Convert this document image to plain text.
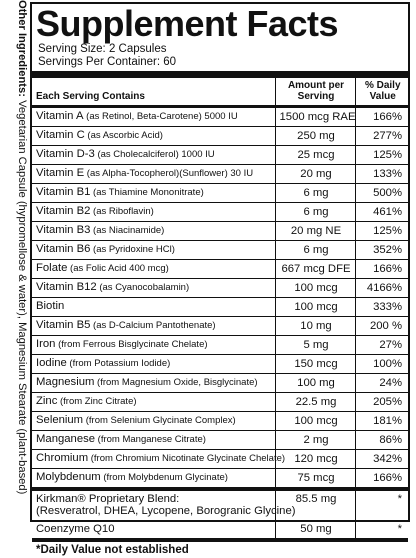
Other Ingredients: Vegetarian Capsule (hypromellose & water), Magnesium Stearate (plant-based)
Supplement Facts
Serving Size: 2 Capsules
Servings Per Container: 60
Each Serving Contains	Amount per Serving	% Daily Value
Vitamin A (as Retinol, Beta-Carotene) 5000 IU	1500 mcg RAE	166%
Vitamin C (as Ascorbic Acid)	250 mg	277%
Vitamin D-3 (as Cholecalciferol) 1000 IU	25 mcg	125%
Vitamin E (as Alpha-Tocopherol)(Sunflower) 30 IU	20 mg	133%
Vitamin B1 (as Thiamine Mononitrate)	6 mg	500%
Vitamin B2 (as Riboflavin)	6 mg	461%
Vitamin B3 (as Niacinamide)	20 mg NE	125%
Vitamin B6 (as Pyridoxine HCl)	6 mg	352%
Folate (as Folic Acid 400 mcg)	667 mcg DFE	166%
Vitamin B12 (as Cyanocobalamin)	100 mcg	4166%
Biotin	100 mcg	333%
Vitamin B5 (as D-Calcium Pantothenate)	10 mg	200 %
Iron (from Ferrous Bisglycinate Chelate)	5 mg	27%
Iodine (from Potassium Iodide)	150 mcg	100%
Magnesium (from Magnesium Oxide, Bisglycinate)	100 mg	24%
Zinc (from Zinc Citrate)	22.5 mg	205%
Selenium (from Selenium Glycinate Complex)	100 mcg	181%
Manganese (from Manganese Citrate)	2 mg	86%
Chromium (from Chromium Nicotinate Glycinate Chelate)	120 mcg	342%
Molybdenum (from Molybdenum Glycinate)	75 mcg	166%
Kirkman® Proprietary Blend:
(Resveratrol, DHEA, Lycopene, Borogranic Glycine)	85.5 mg	*
Coenzyme Q10	50 mg	*
*Daily Value not established
